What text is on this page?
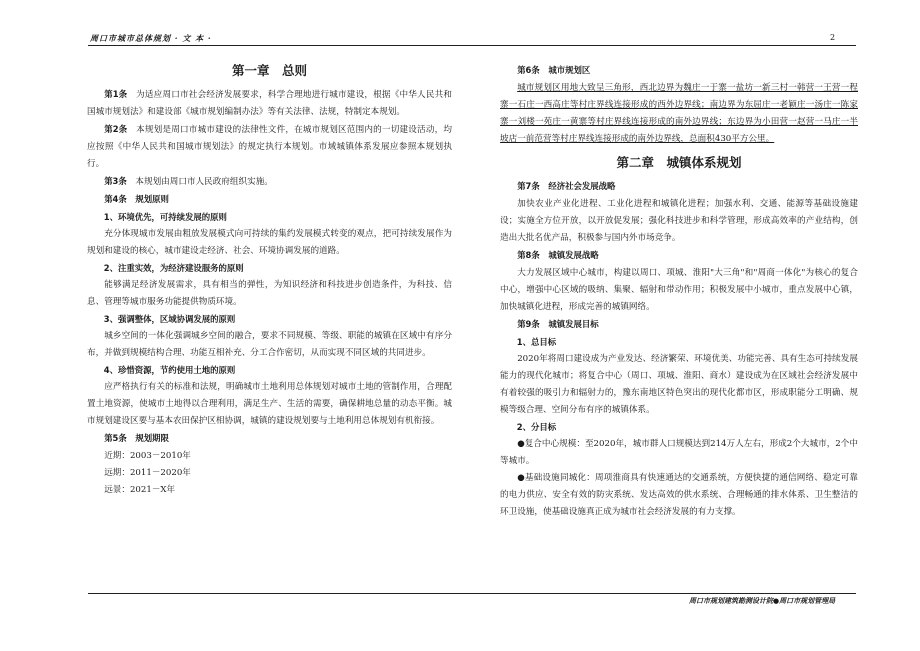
周口市城市总体规划 · 文 本 ·	2

第一章　总则

第1条　 为适应周口市社会经济发展要求，科学合理地进行城市建设，根据《中华人民共和国城市规划法》和建设部《城市规划编制办法》等有关法律、法规，特制定本规划。

第2条　 本规划是周口市城市建设的法律性文件，在城市规划区范围内的一切建设活动，均应按照《中华人民共和国城市规划法》的规定执行本规划。市域城镇体系发展应参照本规划执行。

第3条　 本规划由周口市人民政府组织实施。

第4条　 规划原则

1、环境优先，可持续发展的原则

充分体现城市发展由粗放发展模式向可持续的集约发展模式转变的观点，把可持续发展作为规划和建设的核心，城市建设走经济、社会、环境协调发展的道路。

2、注重实效，为经济建设服务的原则

能够满足经济发展需求，具有相当的弹性，为知识经济和科技进步创造条件，为科技、信息、管理等城市服务功能提供物质环境。

3、强调整体，区域协调发展的原则

城乡空间的一体化强调城乡空间的融合，要求不同规模、等级、职能的城镇在区域中有序分布，并做到规模结构合理、功能互相补充、分工合作密切，从而实现不同区域的共同进步。

4、珍惜资源，节约使用土地的原则

应严格执行有关的标准和法规，明确城市土地利用总体规划对城市土地的管制作用，合理配置土地资源，使城市土地得以合理利用，满足生产、生活的需要，确保耕地总量的动态平衡。城市规划建设区要与基本农田保护区相协调，城镇的建设规划要与土地利用总体规划有机衔接。

第5条　 规划期限

近期：2003－2010年

远期：2011－2020年

远景：2021－X年

第6条　 城市规划区

城市规划区用地大致呈三角形，西北边界为魏庄一于寨一盐坊一新三村一韩营一王营一程寨一石庄一西高庄等村庄界线连接形成的西外边界线；南边界为东屈庄一老颖庄一汤庄一陈家寨一刘楼一苑庄一黄寨等村庄界线连接形成的南外边界线；东边界为小田营一赵营一马庄一半坡店一前范营等村庄界线连接形成的南外边界线，总面积430平方公里。

第二章　城镇体系规划

第7条　 经济社会发展战略

加快农业产业化进程、工业化进程和城镇化进程；加强水利、交通、能源等基础设施建设；实施全方位开放，以开放促发展；强化科技进步和科学管理，形成高效率的产业结构，创造出大批名优产品，积极参与国内外市场竞争。

第8条　 城镇发展战略

大力发展区域中心城市，构建以周口、项城、淮阳"大三角"和"周商一体化"为核心的复合中心，增强中心区域的吸纳、集聚、辐射和带动作用；积极发展中小城市，重点发展中心镇，加快城镇化进程，形成完善的城镇网络。

第9条　 城镇发展目标

1、总目标

2020年将周口建设成为产业发达、经济繁荣、环境优美、功能完善、具有生态可持续发展能力的现代化城市；将复合中心（周口、项城、淮阳、商水）建设成为在区域社会经济发展中有着较强的吸引力和辐射力的，豫东南地区特色突出的现代化都市区，形成职能分工明确、规模等级合理、空间分布有序的城镇体系。

2、分目标

●复合中心规模：至2020年，城市群人口规模达到214万人左右，形成2个大城市，2个中等城市。

●基础设施同城化：周项淮商具有快速通达的交通系统，方便快捷的通信网络、稳定可靠的电力供应、安全有效的防灾系统、发达高效的供水系统、合理畅通的排水体系、卫生整洁的环卫设施，使基础设施真正成为城市社会经济发展的有力支撑。

周口市规划建筑勘测设计院●周口市规划管理局
